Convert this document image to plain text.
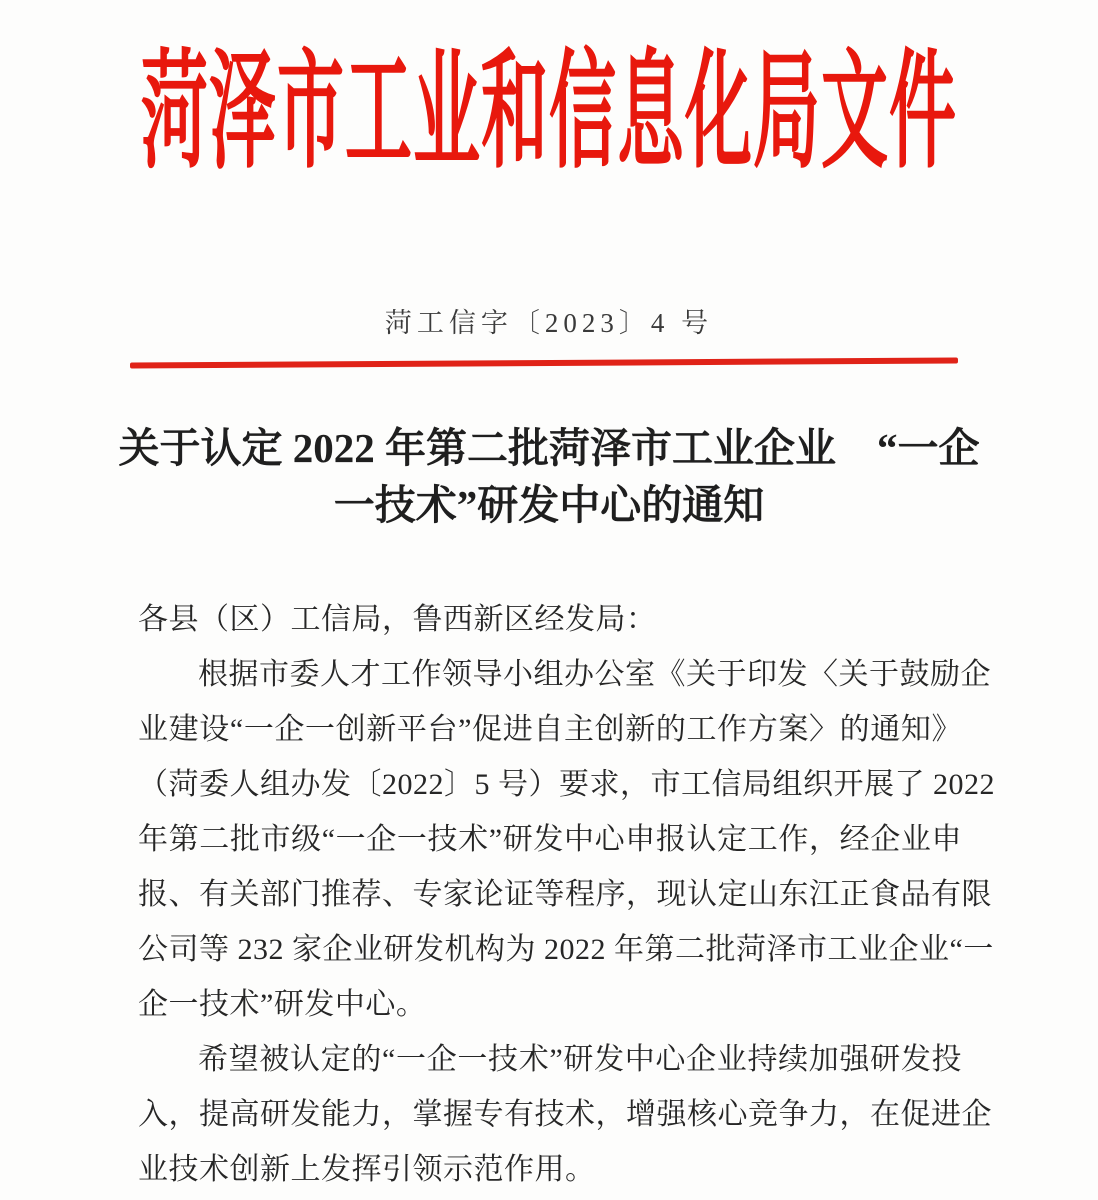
菏泽市工业和信息化局文件
菏工信字〔2023〕4 号
关于认定 2022 年第二批菏泽市工业企业　“一企
一技术”研发中心的通知
各县（区）工信局，鲁西新区经发局：
根据市委人才工作领导小组办公室《关于印发〈关于鼓励企
业建设“一企一创新平台”促进自主创新的工作方案〉的通知》
（菏委人组办发〔2022〕5 号）要求，市工信局组织开展了 2022
年第二批市级“一企一技术”研发中心申报认定工作，经企业申
报、有关部门推荐、专家论证等程序，现认定山东江正食品有限
公司等 232 家企业研发机构为 2022 年第二批菏泽市工业企业“一
企一技术”研发中心。
希望被认定的“一企一技术”研发中心企业持续加强研发投
入，提高研发能力，掌握专有技术，增强核心竞争力，在促进企
业技术创新上发挥引领示范作用。
